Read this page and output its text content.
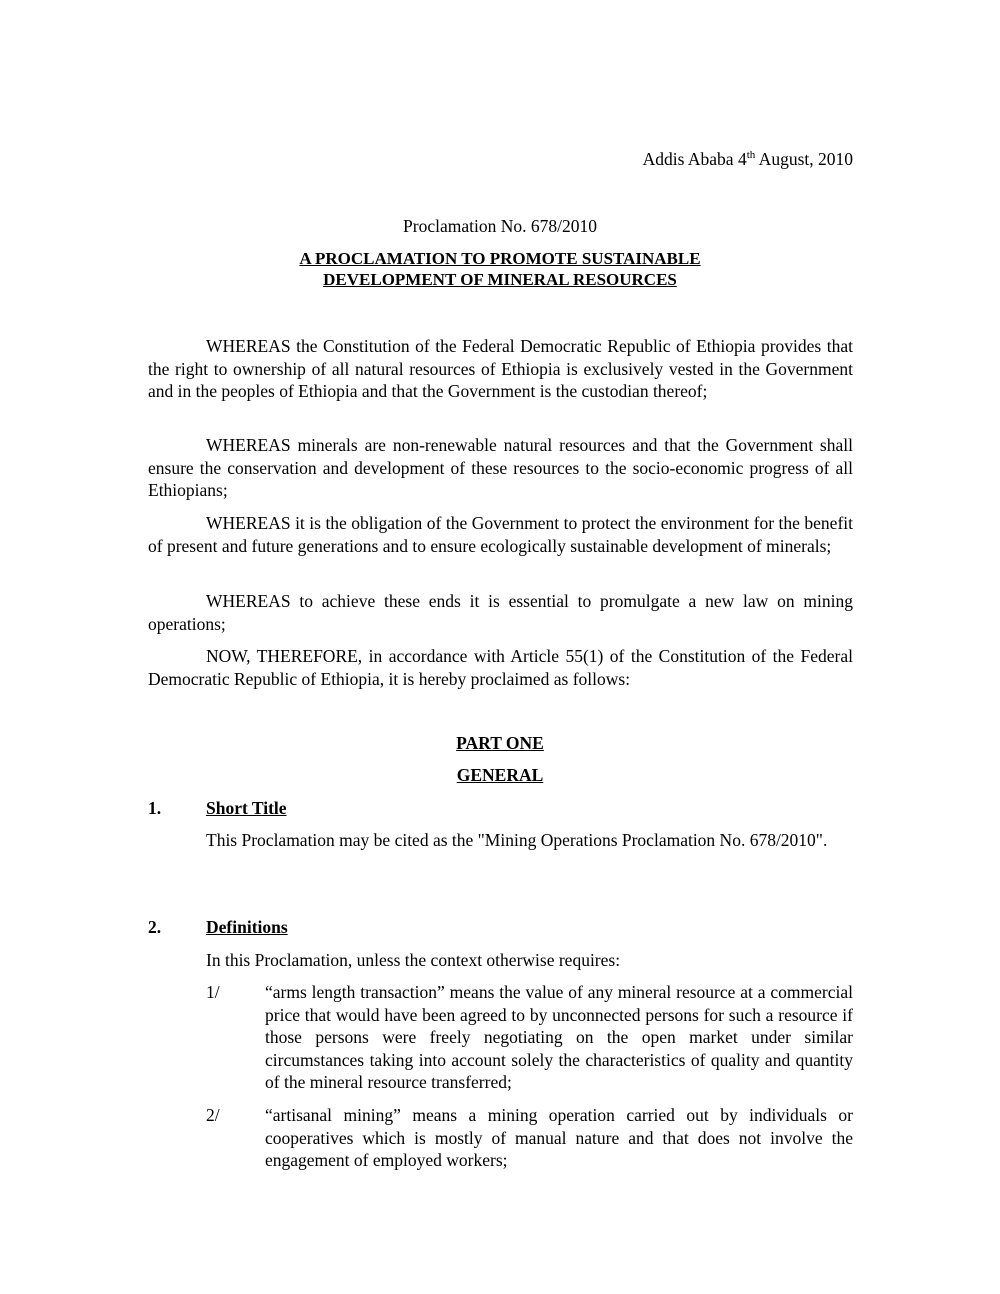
Addis Ababa 4th August, 2010
Proclamation No. 678/2010
A PROCLAMATION TO PROMOTE SUSTAINABLE
DEVELOPMENT OF MINERAL RESOURCES
WHEREAS the Constitution of the Federal Democratic Republic of Ethiopia provides that the right to ownership of all natural resources of Ethiopia is exclusively vested in the Government and in the peoples of Ethiopia and that the Government is the custodian thereof;
WHEREAS minerals are non-renewable natural resources and that the Government shall ensure the conservation and development of these resources to the socio-economic progress of all Ethiopians;
WHEREAS it is the obligation of the Government to protect the environment for the benefit of present and future generations and to ensure ecologically sustainable development of minerals;
WHEREAS to achieve these ends it is essential to promulgate a new law on mining operations;
NOW, THEREFORE, in accordance with Article 55(1) of the Constitution of the Federal Democratic Republic of Ethiopia, it is hereby proclaimed as follows:
PART ONE
GENERAL
1.	Short Title
This Proclamation may be cited as the "Mining Operations Proclamation No. 678/2010".
2.	Definitions
In this Proclamation, unless the context otherwise requires:
1/	“arms length transaction” means the value of any mineral resource at a commercial price that would have been agreed to by unconnected persons for such a resource if those persons were freely negotiating on the open market under similar circumstances taking into account solely the characteristics of quality and quantity of the mineral resource transferred;
2/	“artisanal mining” means a mining operation carried out by individuals or cooperatives which is mostly of manual nature and that does not involve the engagement of employed workers;
